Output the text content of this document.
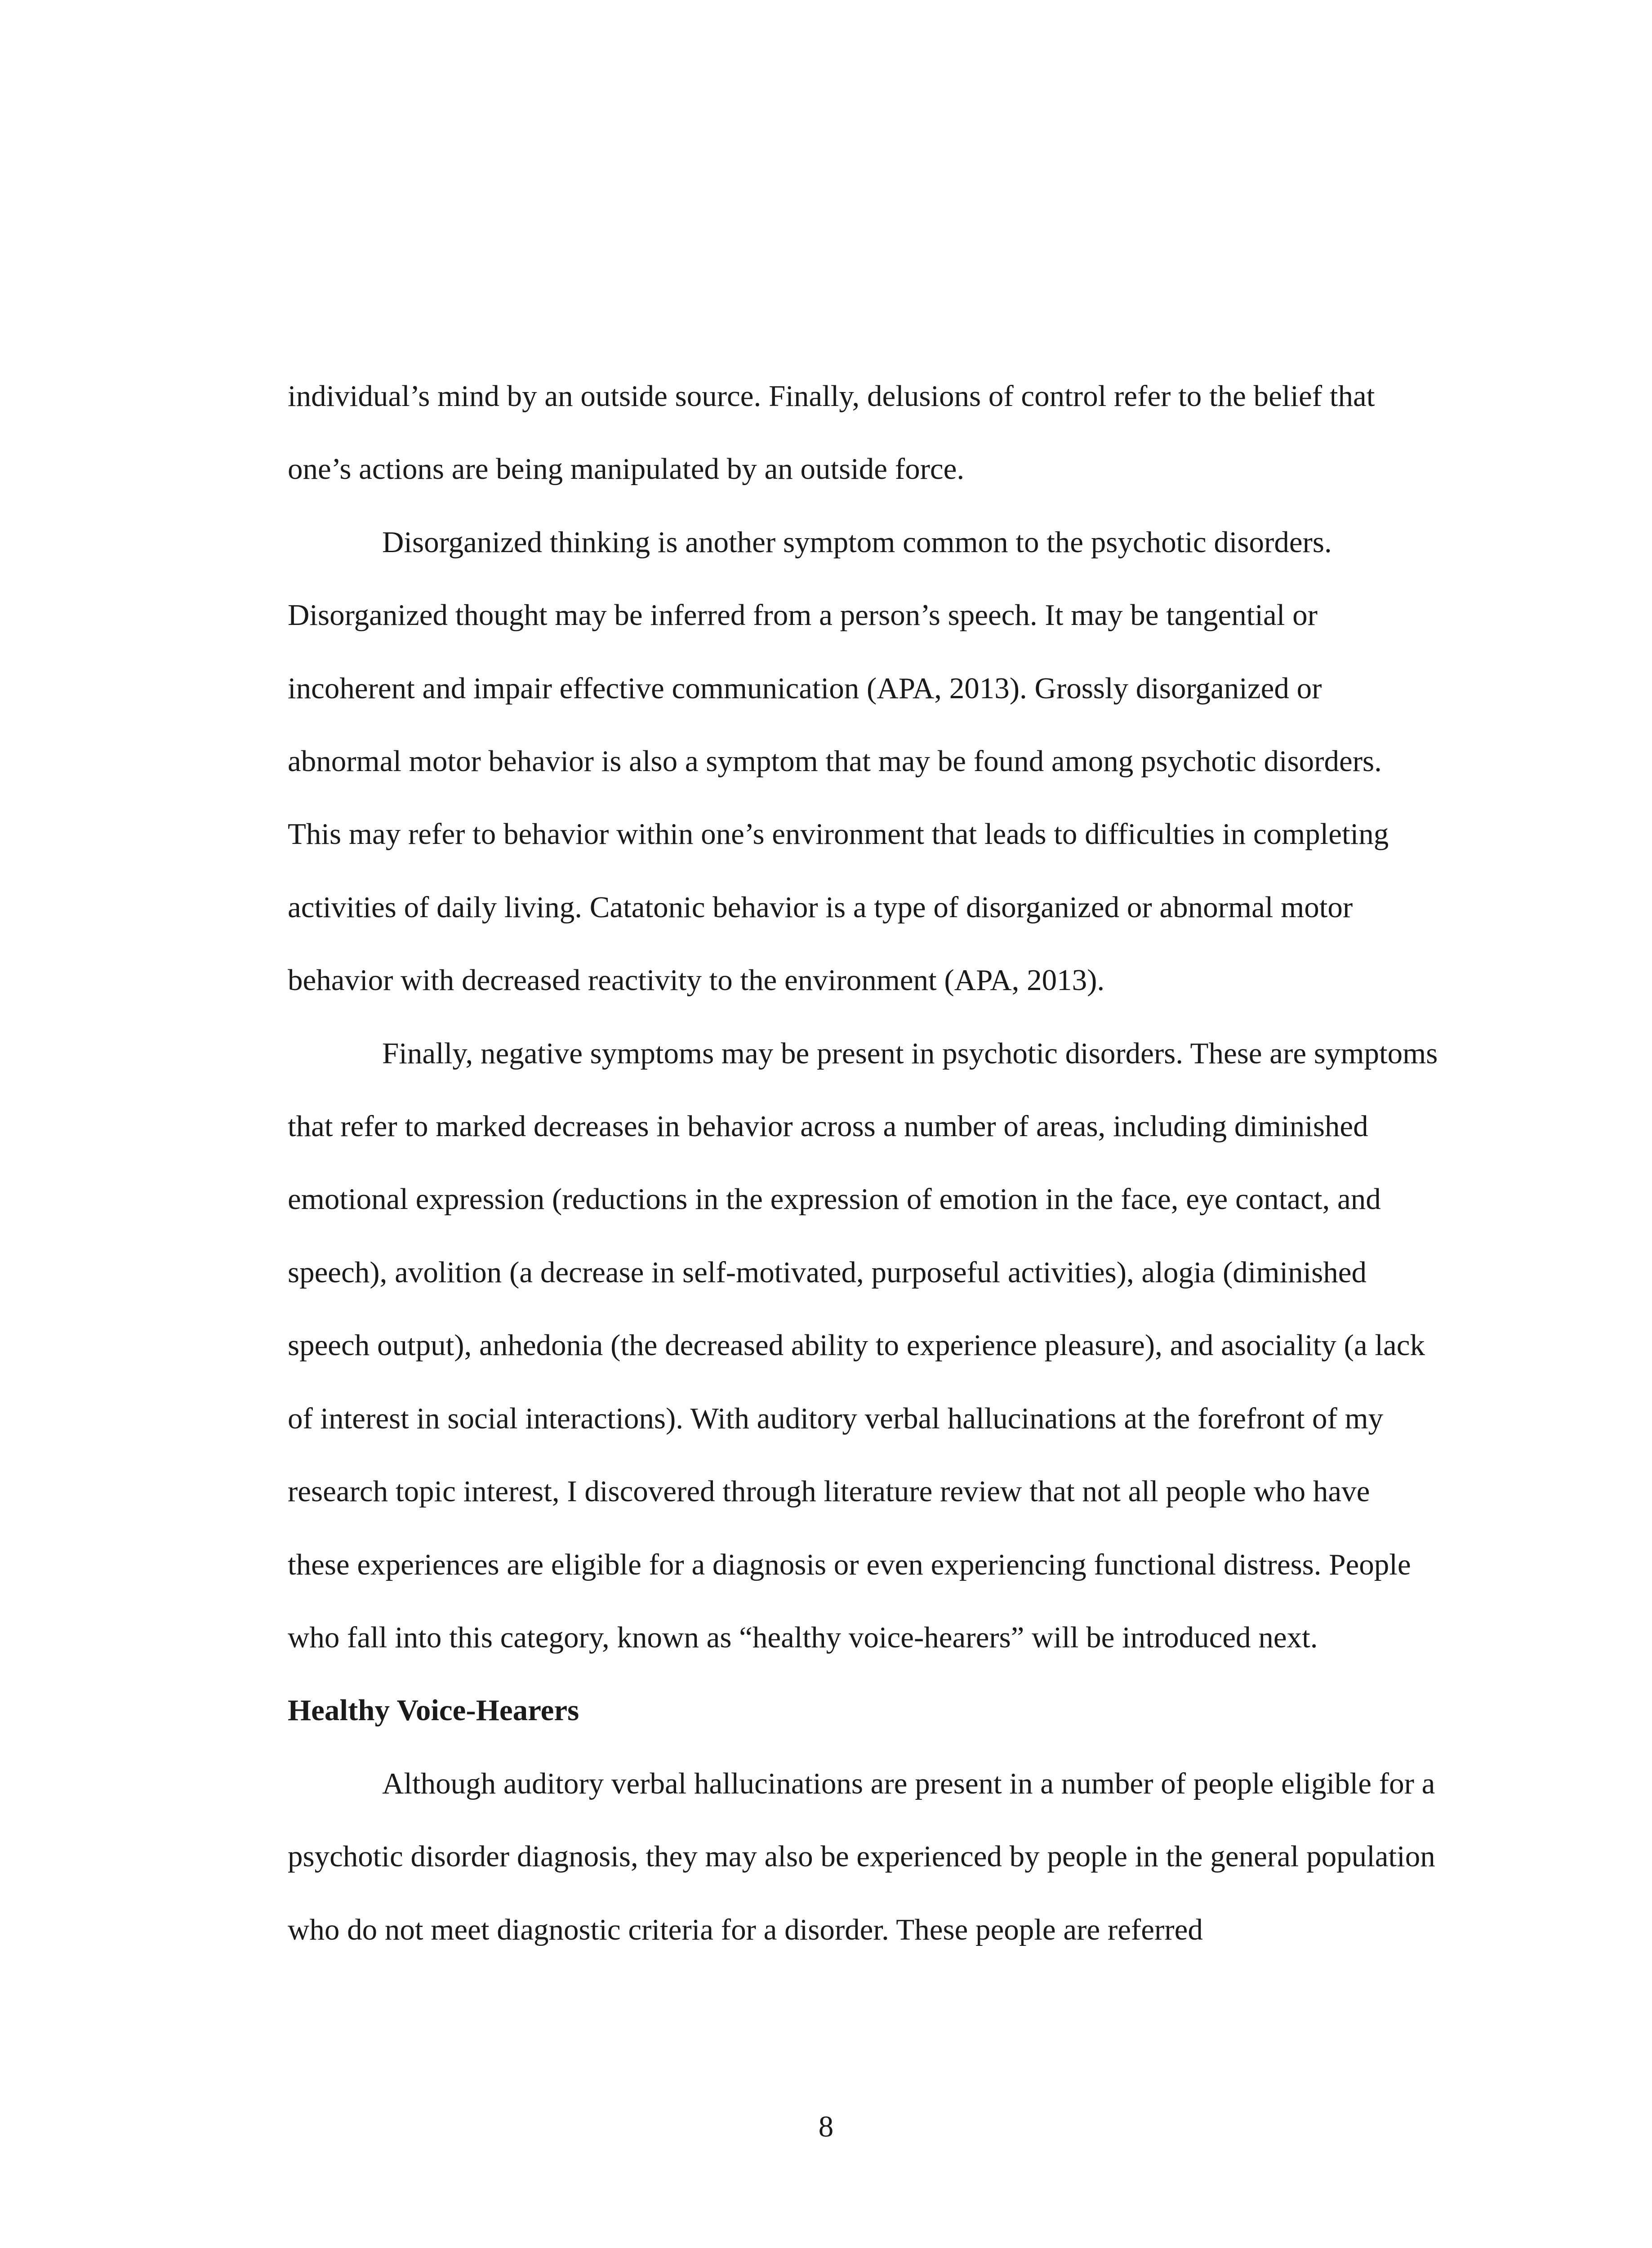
individual’s mind by an outside source. Finally, delusions of control refer to the belief that one’s actions are being manipulated by an outside force.

Disorganized thinking is another symptom common to the psychotic disorders. Disorganized thought may be inferred from a person’s speech. It may be tangential or incoherent and impair effective communication (APA, 2013). Grossly disorganized or abnormal motor behavior is also a symptom that may be found among psychotic disorders. This may refer to behavior within one’s environment that leads to difficulties in completing activities of daily living. Catatonic behavior is a type of disorganized or abnormal motor behavior with decreased reactivity to the environment (APA, 2013).

Finally, negative symptoms may be present in psychotic disorders. These are symptoms that refer to marked decreases in behavior across a number of areas, including diminished emotional expression (reductions in the expression of emotion in the face, eye contact, and speech), avolition (a decrease in self-motivated, purposeful activities), alogia (diminished speech output), anhedonia (the decreased ability to experience pleasure), and asociality (a lack of interest in social interactions). With auditory verbal hallucinations at the forefront of my research topic interest, I discovered through literature review that not all people who have these experiences are eligible for a diagnosis or even experiencing functional distress. People who fall into this category, known as “healthy voice-hearers” will be introduced next.

Healthy Voice-Hearers

Although auditory verbal hallucinations are present in a number of people eligible for a psychotic disorder diagnosis, they may also be experienced by people in the general population who do not meet diagnostic criteria for a disorder. These people are referred

8
